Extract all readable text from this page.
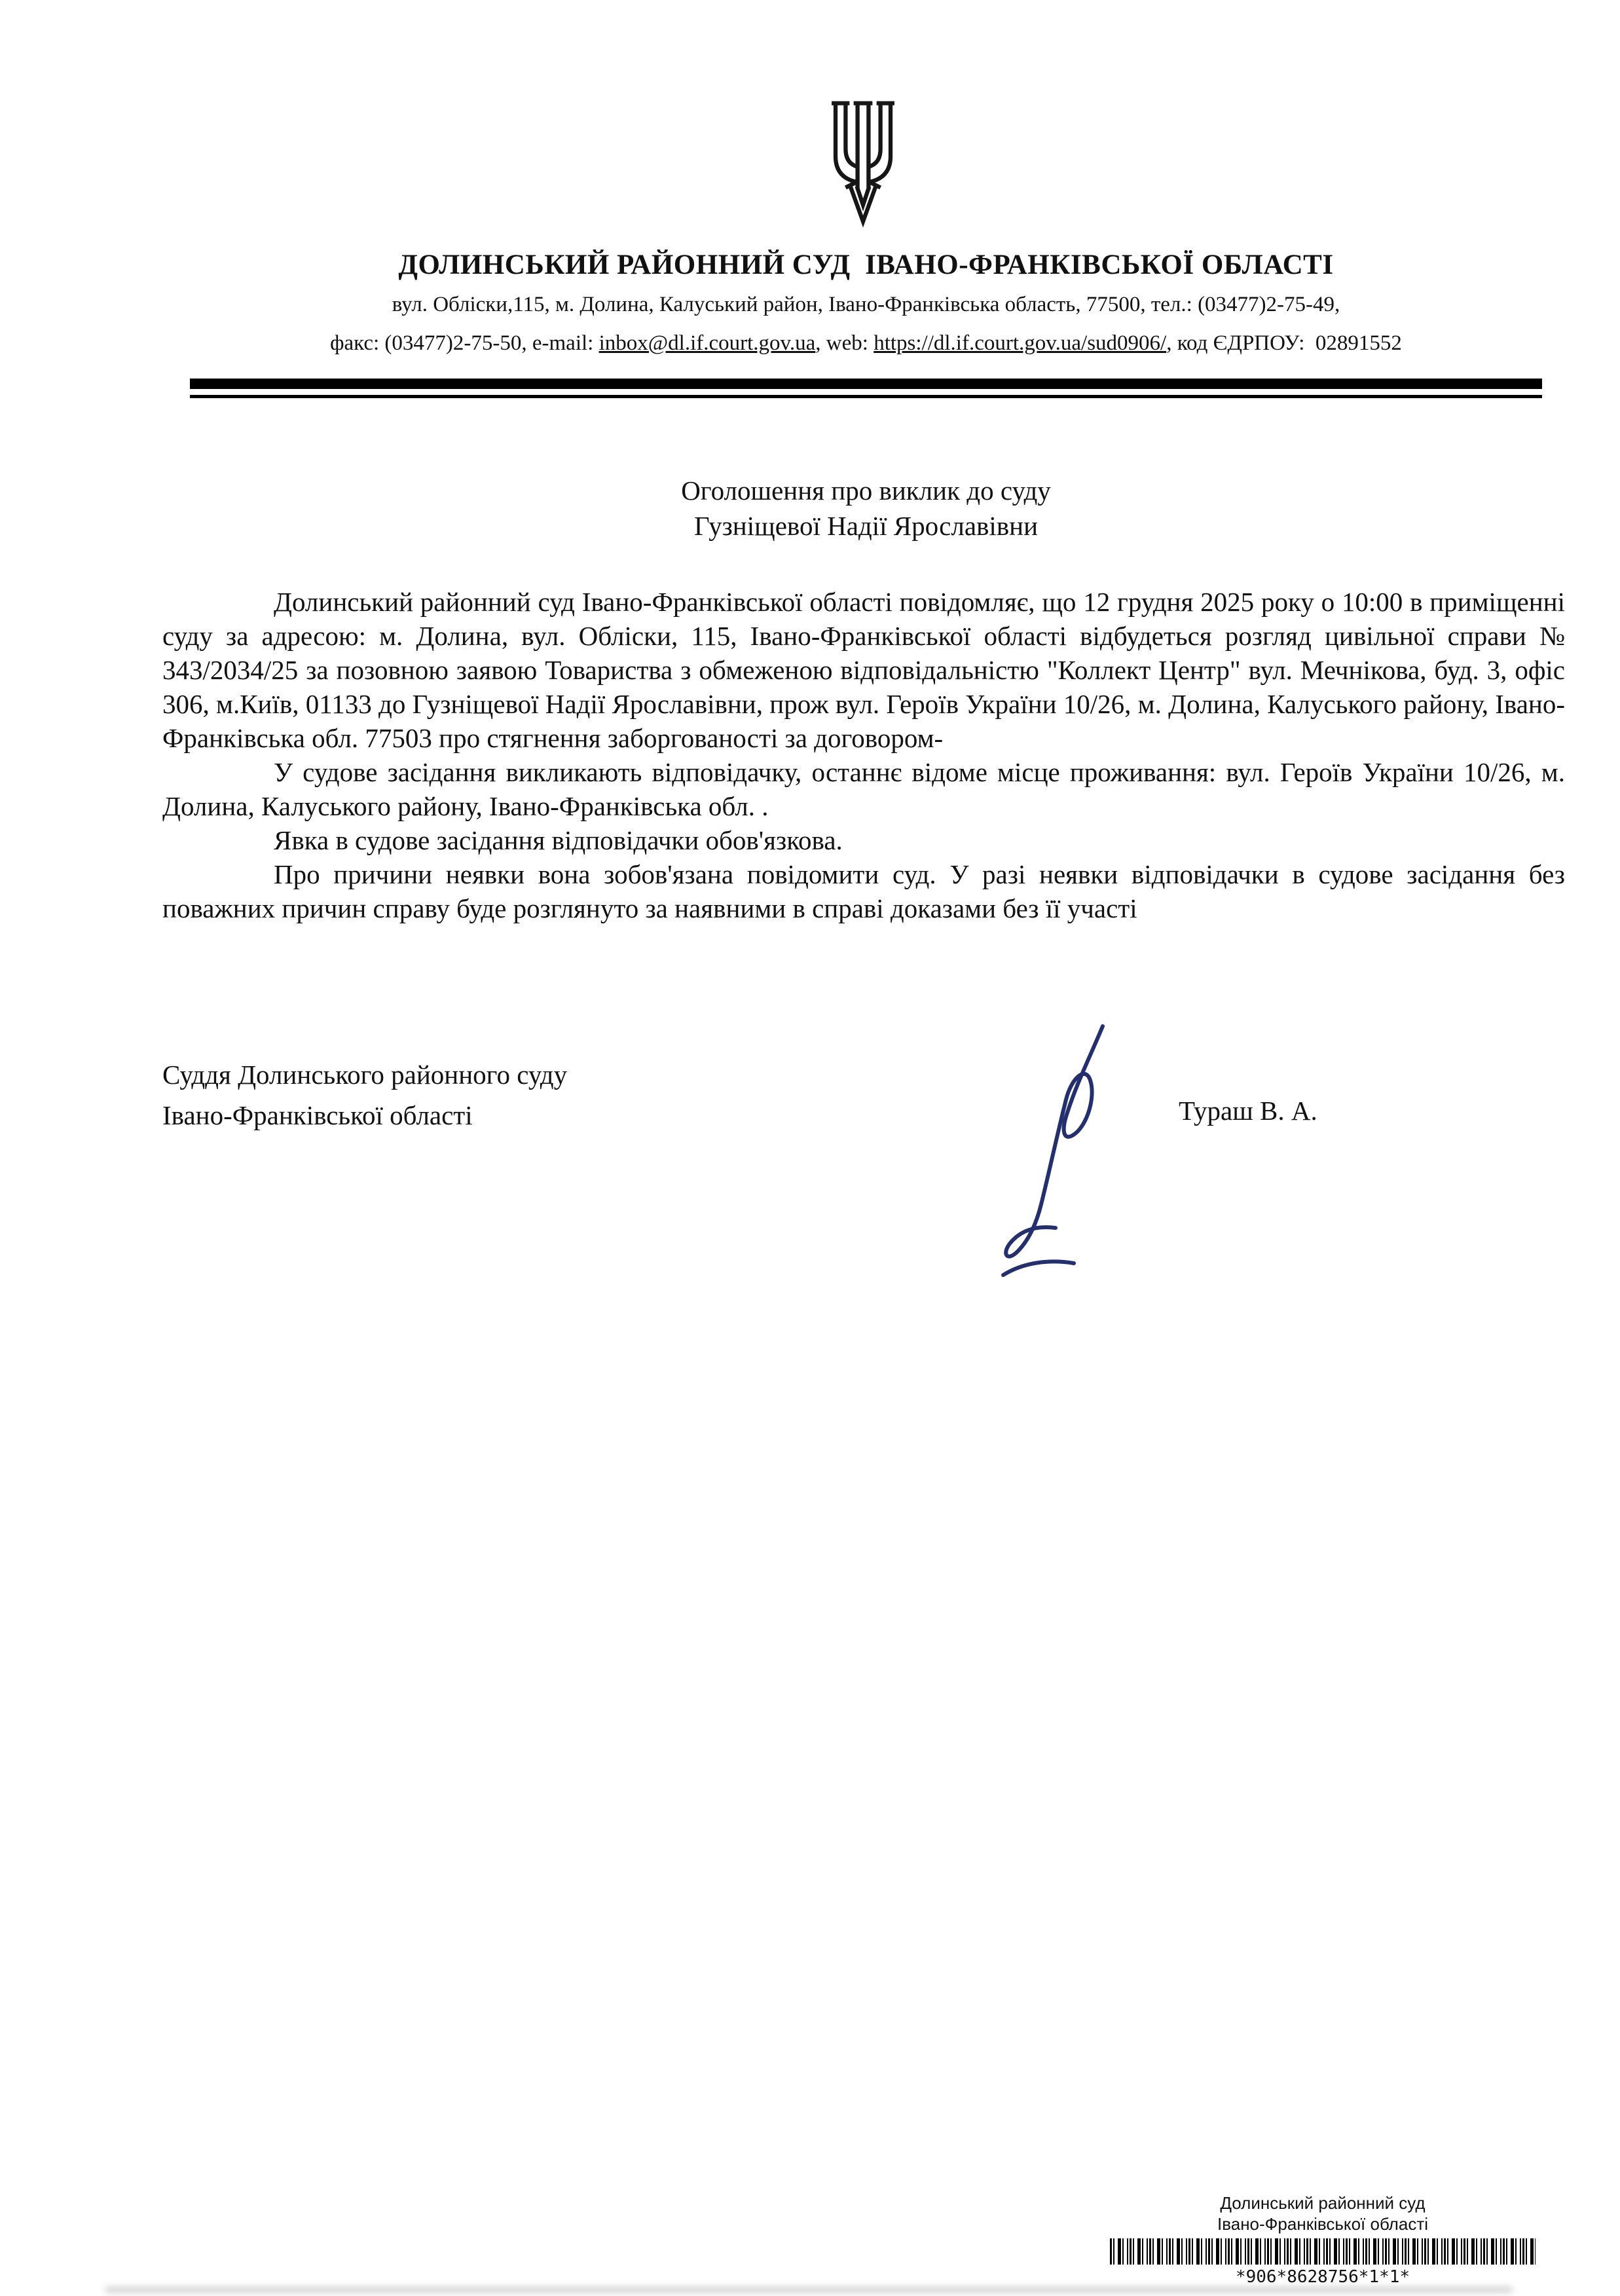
ДОЛИНСЬКИЙ РАЙОННИЙ СУД  ІВАНО-ФРАНКІВСЬКОЇ ОБЛАСТІ
вул. Обліски,115, м. Долина, Калуський район, Івано-Франківська область, 77500, тел.: (03477)2-75-49,
факс: (03477)2-75-50, e-mail: inbox@dl.if.court.gov.ua, web: https://dl.if.court.gov.ua/sud0906/, код ЄДРПОУ:  02891552
Оголошення про виклик до суду
Гузніщевої Надії Ярославівни

Долинський районний суд Івано-Франківської області повідомляє, що 12 грудня 2025 року о 10:00 в приміщенні суду за адресою: м. Долина, вул. Обліски, 115, Івано-Франківської області відбудеться розгляд цивільної справи № 343/2034/25 за позовною заявою Товариства з обмеженою відповідальністю "Коллект Центр" вул. Мечнікова, буд. 3, офіс 306, м.Київ, 01133 до Гузніщевої Надії Ярославівни, прож вул. Героїв України 10/26, м. Долина, Калуського району, Івано-Франківська обл. 77503 про стягнення заборгованості за договором-

У судове засідання викликають відповідачку, останнє відоме місце проживання: вул. Героїв України 10/26, м. Долина, Калуського району, Івано-Франківська обл. .

Явка в судове засідання відповідачки обов'язкова.

Про причини неявки вона зобов'язана повідомити суд. У разі неявки відповідачки в судове засідання без поважних причин справу буде розглянуто за наявними в справі доказами без її участі

Суддя Долинського районного суду
Івано-Франківської області	Тураш В. А.
Долинський районний суд
Івано-Франківської області
*906*8628756*1*1*
